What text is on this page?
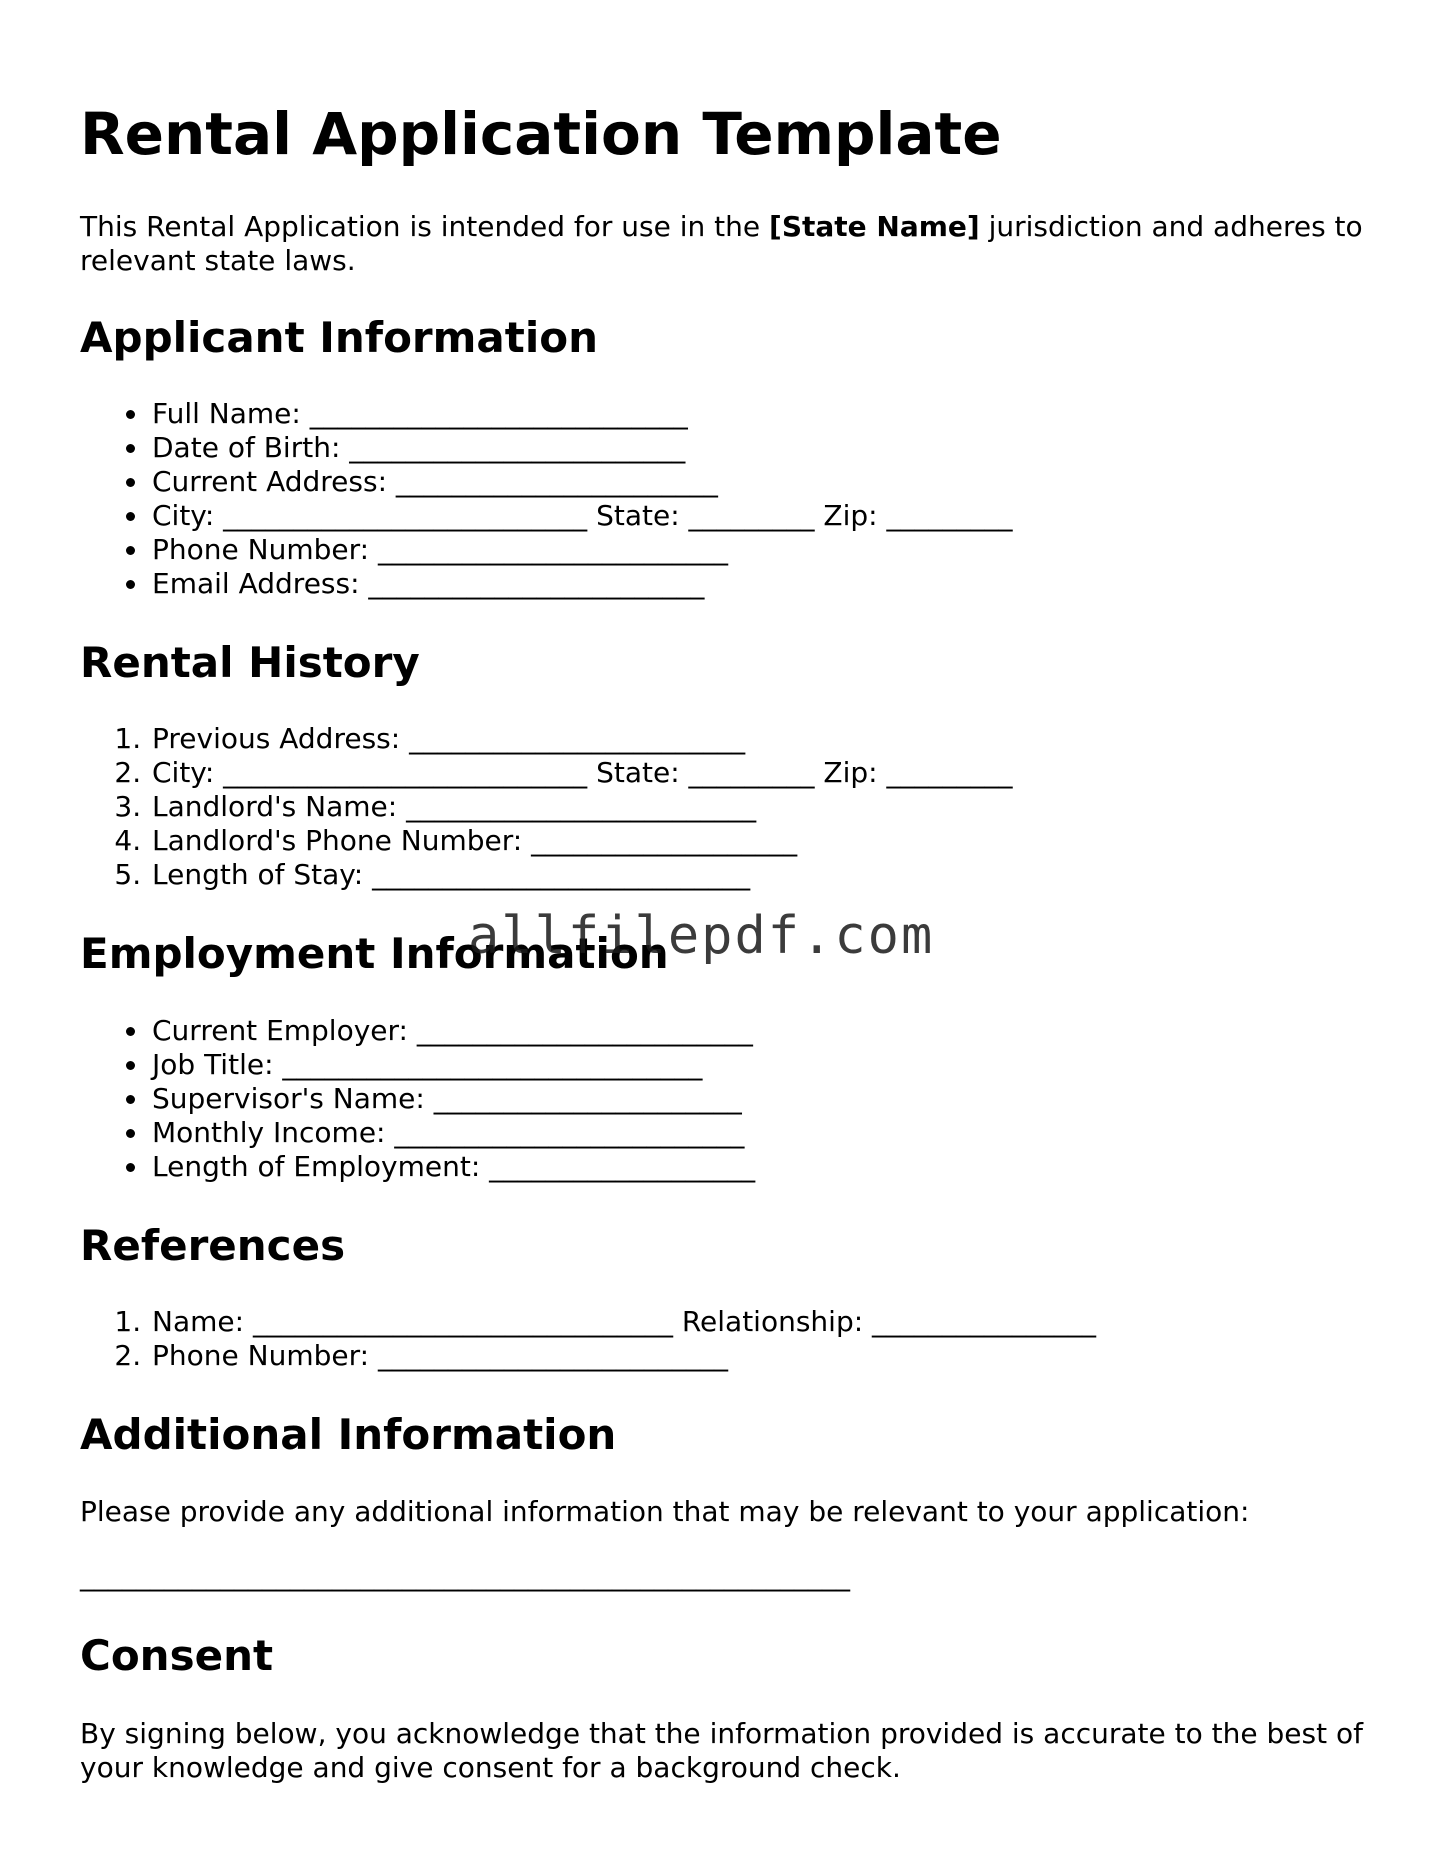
Rental Application Template

This Rental Application is intended for use in the [State Name] jurisdiction and adheres to relevant state laws.

Applicant Information
• Full Name: ___________________________
• Date of Birth: ________________________
• Current Address: _______________________
• City: __________________________ State: _________ Zip: _________
• Phone Number: _________________________
• Email Address: ________________________
Rental History
1. Previous Address: ________________________
2. City: __________________________ State: _________ Zip: _________
3. Landlord's Name: _________________________
4. Landlord's Phone Number: ___________________
5. Length of Stay: ___________________________
Employment Information
• Current Employer: ________________________
• Job Title: ______________________________
• Supervisor's Name: ______________________
• Monthly Income: _________________________
• Length of Employment: ___________________
References
1. Name: ______________________________ Relationship: ________________
2. Phone Number: _________________________
Additional Information

Please provide any additional information that may be relevant to your application:

_______________________________________________________

Consent

By signing below, you acknowledge that the information provided is accurate to the best of your knowledge and give consent for a background check.

allfilepdf.com
